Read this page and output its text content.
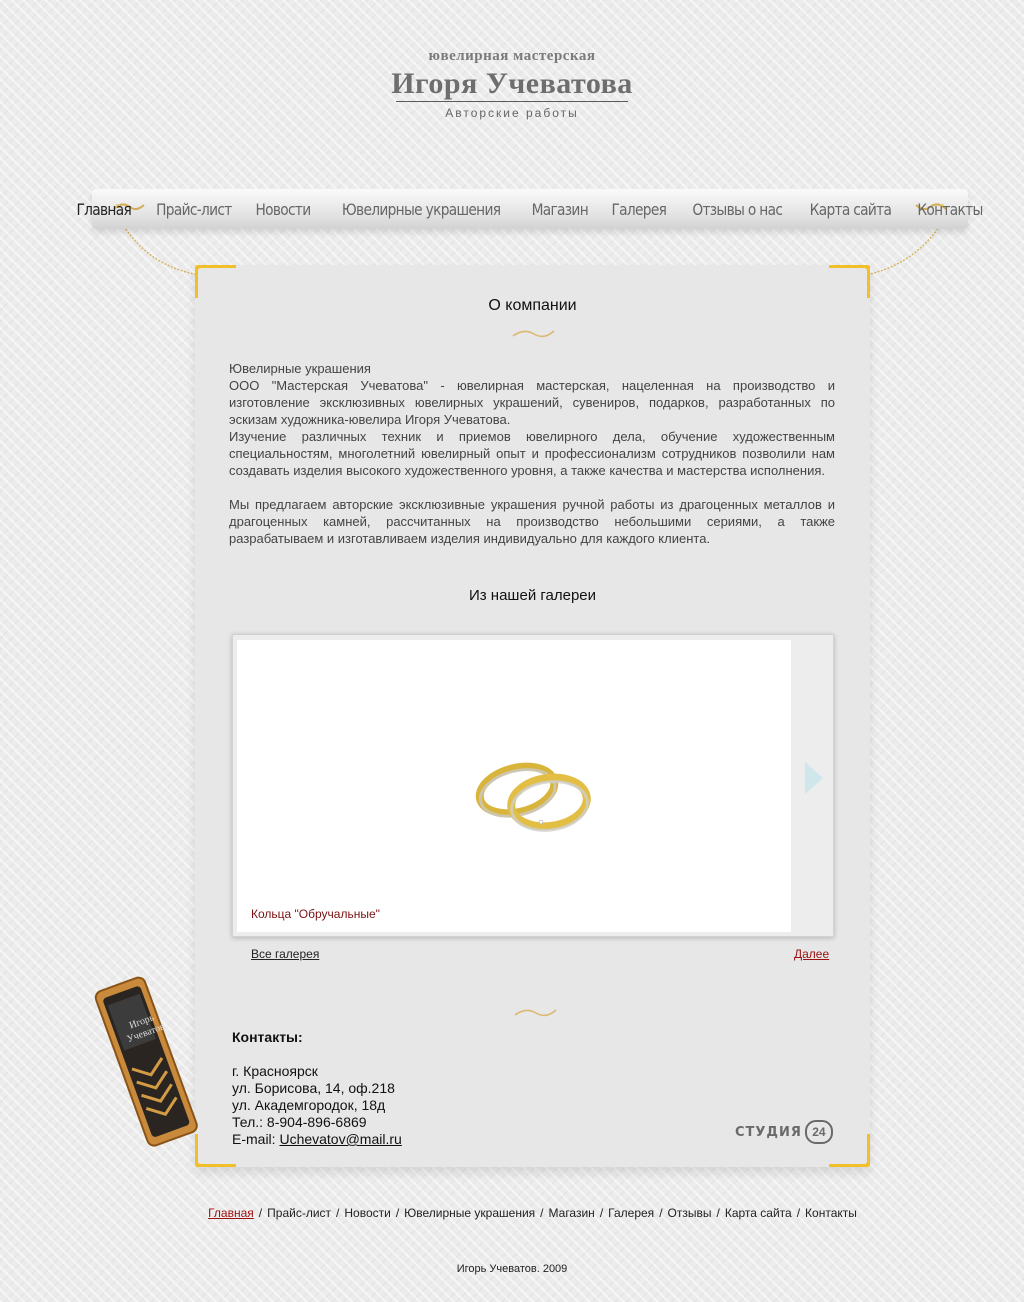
ювелирная мастерская
Игоря Учеватова
Авторские работы
Главная	Прайс-лист	Новости	Ювелирные украшения	Магазин	Галерея	Отзывы о нас	Карта сайта	Контакты
О компании

Ювелирные украшения

ООО "Мастерская Учеватова" - ювелирная мастерская, нацеленная на производство и изготовление эксклюзивных ювелирных украшений, сувениров, подарков, разработанных по эскизам художника-ювелира Игоря Учеватова.

Изучение различных техник и приемов ювелирного дела, обучение художественным специальностям, многолетний ювелирный опыт и профессионализм сотрудников позволили нам создавать изделия высокого художественного уровня, а также качества и мастерства исполнения.

Мы предлагаем авторские эксклюзивные украшения ручной работы из драгоценных металлов и драгоценных камней, рассчитанных на производство небольшими сериями, а также разрабатываем и изготавливаем изделия индивидуально для каждого клиента.

Из нашей галереи
Кольца "Обручальные"
Все галерея	Далее
Игорь Учеватов	Контакты:
г. Красноярск
ул. Борисова, 14, оф.218
ул. Академгородок, 18д
Тел.: 8-904-896-6869
E-mail: Uchevatov@mail.ru	СТУДИЯ 24
Главная / Прайс-лист / Новости / Ювелирные украшения / Магазин / Галерея / Отзывы / Карта сайта / Контакты
Игорь Учеватов. 2009
